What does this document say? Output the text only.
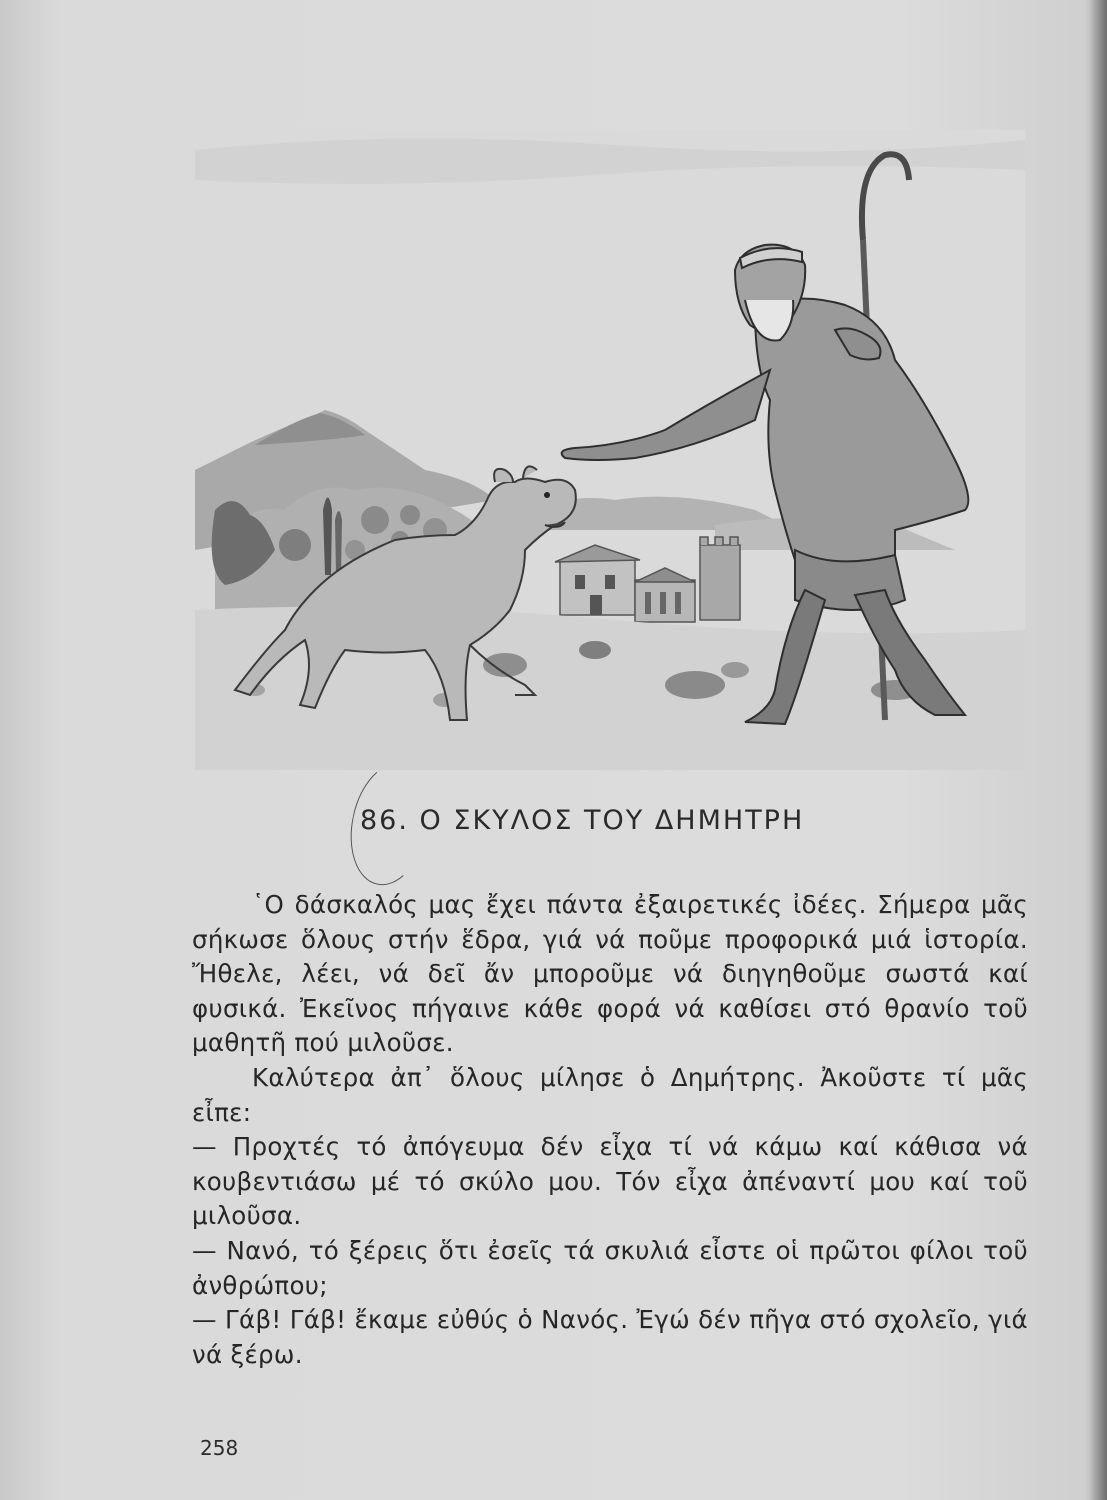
86. Ο ΣΚΥΛΟΣ ΤΟΥ ΔΗΜΗΤΡΗ

῾Ο δάσκαλός μας ἔχει πάντα ἐξαιρετικές ἰδέες. Σήμερα μᾶς σήκωσε ὅλους στήν ἕδρα, γιά νά ποῦμε προφορικά μιά ἱστορία. Ἤθελε, λέει, νά δεῖ ἄν μποροῦμε νά διηγηθοῦμε σωστά καί φυσικά. Ἐκεῖνος πήγαινε κάθε φορά νά καθίσει στό θρανίο τοῦ μαθητῆ πού μιλοῦσε.

Καλύτερα ἀπ᾿ ὅλους μίλησε ὁ Δημήτρης. Ἀκοῦστε τί μᾶς εἶπε:

— Προχτές τό ἀπόγευμα δέν εἶχα τί νά κάμω καί κάθισα νά κουβεντιάσω μέ τό σκύλο μου. Τόν εἶχα ἀπέναντί μου καί τοῦ μιλοῦσα.

— Νανό, τό ξέρεις ὅτι ἐσεῖς τά σκυλιά εἶστε οἱ πρῶτοι φίλοι τοῦ ἀνθρώπου;

— Γάβ! Γάβ! ἔκαμε εὐθύς ὁ Νανός. Ἐγώ δέν πῆγα στό σχολεῖο, γιά νά ξέρω.

258
